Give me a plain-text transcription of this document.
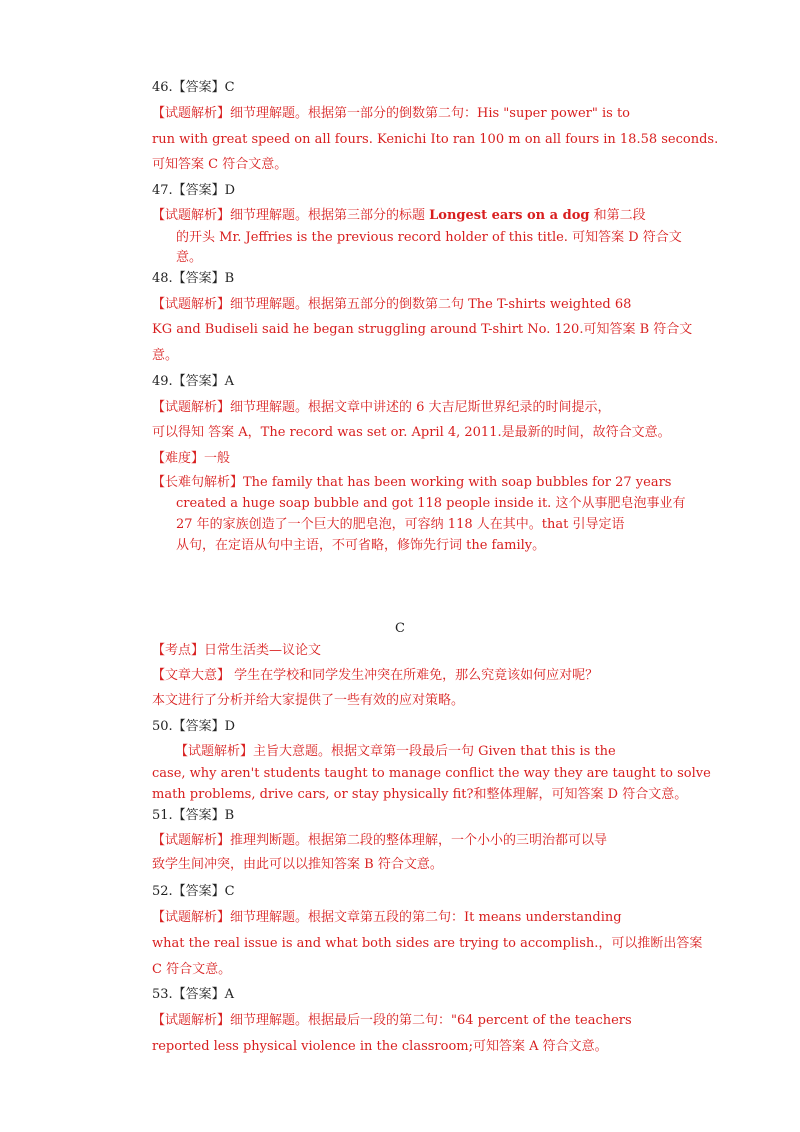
46.【答案】C
【试题解析】细节理解题。根据第一部分的倒数第二句：His "super power" is to
run with great speed on all fours. Kenichi Ito ran 100 m on all fours in 18.58 seconds.
可知答案 C 符合文意。
47.【答案】D
【试题解析】细节理解题。根据第三部分的标题 Longest ears on a dog 和第二段
的开头 Mr. Jeffries is the previous record holder of this title. 可知答案 D 符合文
意。
48.【答案】B
【试题解析】细节理解题。根据第五部分的倒数第二句 The T-shirts weighted 68
KG and Budiseli said he began struggling around T-shirt No. 120.可知答案 B 符合文
意。
49.【答案】A
【试题解析】细节理解题。根据文章中讲述的 6 大吉尼斯世界纪录的时间提示，
可以得知 答案 A，The record was set or. April 4, 2011.是最新的时间，故符合文意。
【难度】一般
【长难句解析】The family that has been working with soap bubbles for 27 years
created a huge soap bubble and got 118 people inside it. 这个从事肥皂泡事业有
27 年的家族创造了一个巨大的肥皂泡，可容纳 118 人在其中。that 引导定语
从句，在定语从句中主语，不可省略，修饰先行词 the family。
C
【考点】日常生活类—议论文
【文章大意】 学生在学校和同学发生冲突在所难免，那么究竟该如何应对呢？
本文进行了分析并给大家提供了一些有效的应对策略。
50.【答案】D
【试题解析】主旨大意题。根据文章第一段最后一句 Given that this is the
case, why aren't students taught to manage conflict the way they are taught to solve
math problems, drive cars, or stay physically fit?和整体理解，可知答案 D 符合文意。
51.【答案】B
【试题解析】推理判断题。根据第二段的整体理解，一个小小的三明治都可以导
致学生间冲突，由此可以以推知答案 B 符合文意。
52.【答案】C
【试题解析】细节理解题。根据文章第五段的第二句：It means understanding
what the real issue is and what both sides are trying to accomplish.，可以推断出答案
C 符合文意。
53.【答案】A
【试题解析】细节理解题。根据最后一段的第二句："64 percent of the teachers
reported less physical violence in the classroom;可知答案 A 符合文意。
